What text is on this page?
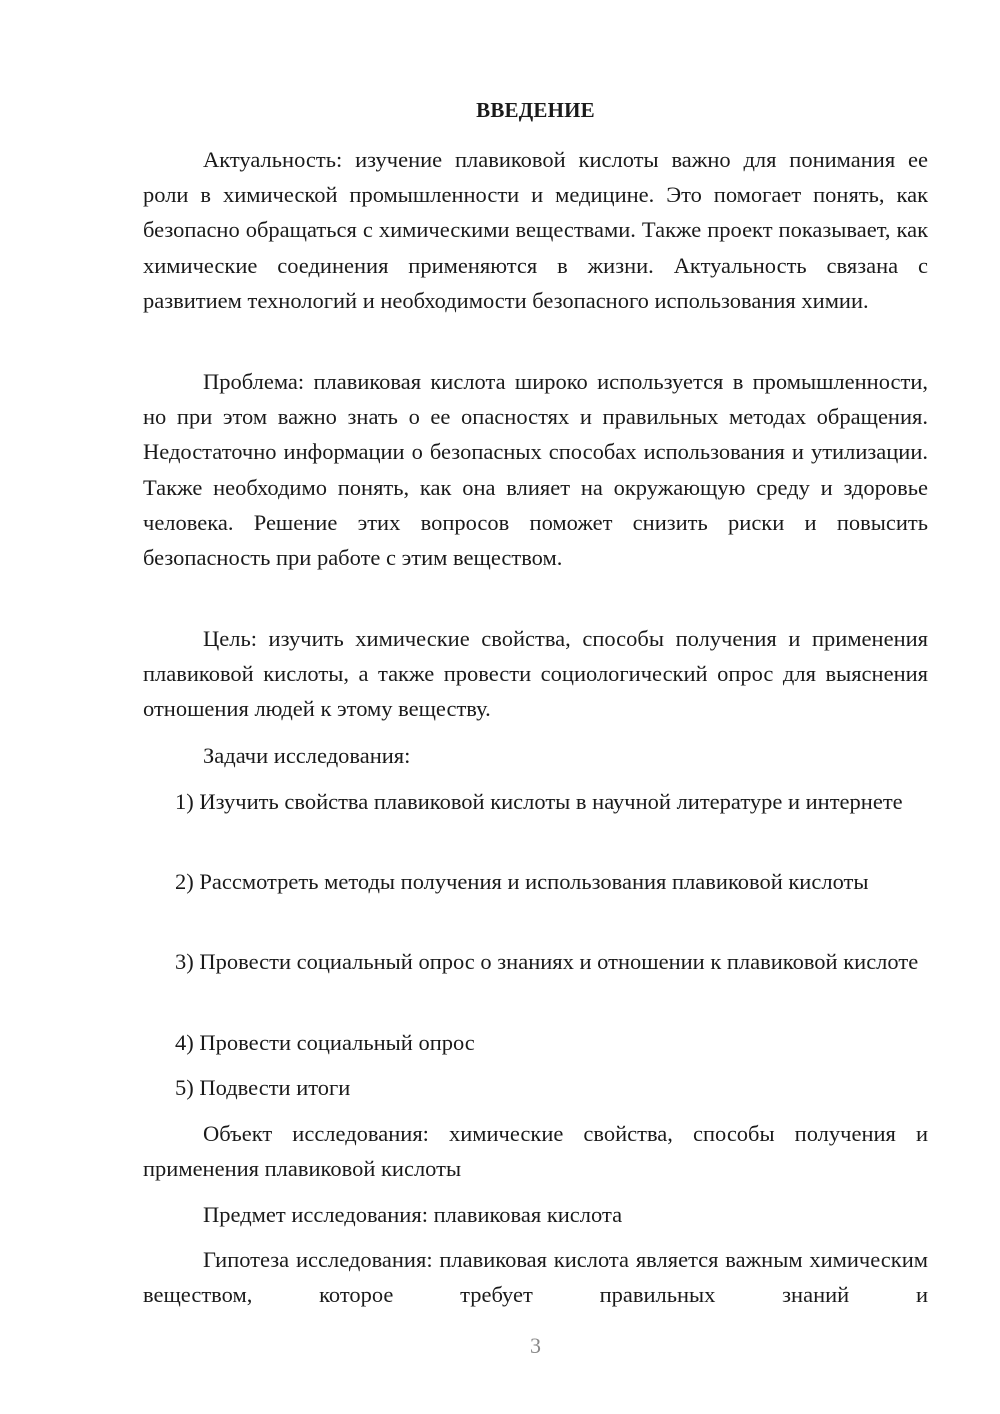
ВВЕДЕНИЕ

Актуальность: изучение плавиковой кислоты важно для понимания ее роли в химической промышленности и медицине. Это помогает понять, как безопасно обращаться с химическими веществами. Также проект показывает, как химические соединения применяются в жизни. Актуальность связана с развитием технологий и необходимости безопасного использования химии.

Проблема: плавиковая кислота широко используется в промышленности, но при этом важно знать о ее опасностях и правильных методах обращения. Недостаточно информации о безопасных способах использования и утилизации. Также необходимо понять, как она влияет на окружающую среду и здоровье человека. Решение этих вопросов поможет снизить риски и повысить безопасность при работе с этим веществом.

Цель: изучить химические свойства, способы получения и применения плавиковой кислоты, а также провести социологический опрос для выяснения отношения людей к этому веществу.

Задачи исследования:

1) Изучить свойства плавиковой кислоты в научной литературе и интернете

2) Рассмотреть методы получения и использования плавиковой кислоты

3) Провести социальный опрос о знаниях и отношении к плавиковой кислоте

4) Провести социальный опрос

5) Подвести итоги

Объект исследования: химические свойства, способы получения и применения плавиковой кислоты

Предмет исследования: плавиковая кислота

Гипотеза исследования: плавиковая кислота является важным химическим веществом, которое требует правильных знаний и

3
